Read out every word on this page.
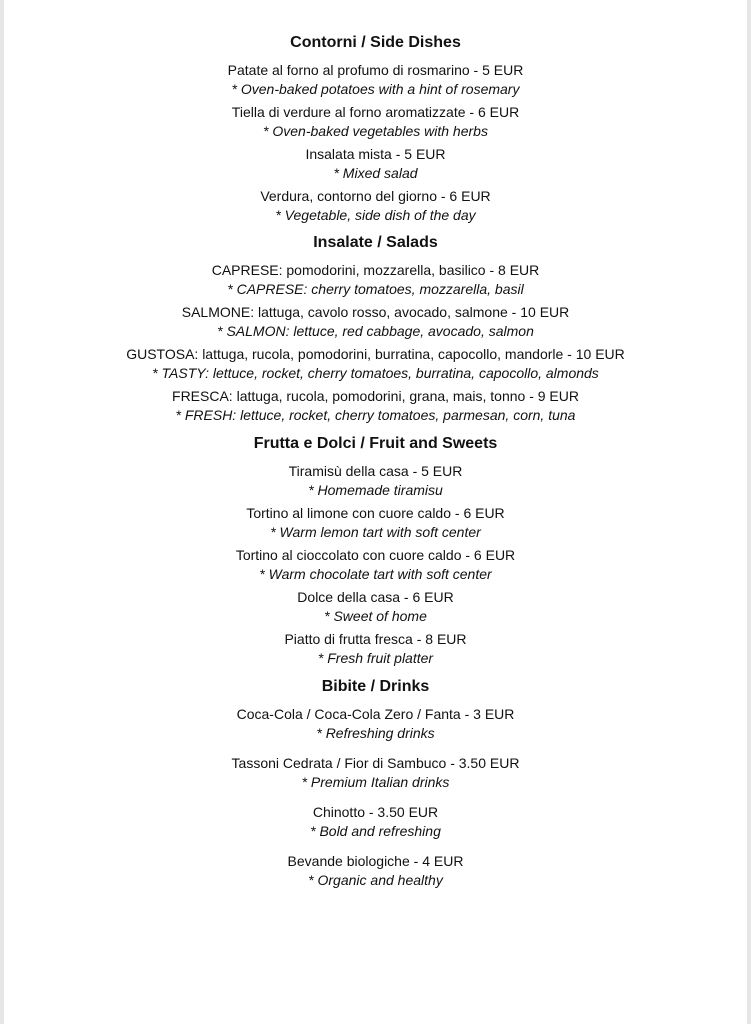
Contorni / Side Dishes
Patate al forno al profumo di rosmarino - 5 EUR
* Oven-baked potatoes with a hint of rosemary
Tiella di verdure al forno aromatizzate - 6 EUR
* Oven-baked vegetables with herbs
Insalata mista - 5 EUR
* Mixed salad
Verdura, contorno del giorno - 6 EUR
* Vegetable, side dish of the day
Insalate / Salads
CAPRESE: pomodorini, mozzarella, basilico - 8 EUR
* CAPRESE: cherry tomatoes, mozzarella, basil
SALMONE: lattuga, cavolo rosso, avocado, salmone - 10 EUR
* SALMON: lettuce, red cabbage, avocado, salmon
GUSTOSA: lattuga, rucola, pomodorini, burratina, capocollo, mandorle - 10 EUR
* TASTY: lettuce, rocket, cherry tomatoes, burratina, capocollo, almonds
FRESCA: lattuga, rucola, pomodorini, grana, mais, tonno - 9 EUR
* FRESH: lettuce, rocket, cherry tomatoes, parmesan, corn, tuna
Frutta e Dolci / Fruit and Sweets
Tiramisù della casa - 5 EUR
* Homemade tiramisu
Tortino al limone con cuore caldo - 6 EUR
* Warm lemon tart with soft center
Tortino al cioccolato con cuore caldo - 6 EUR
* Warm chocolate tart with soft center
Dolce della casa - 6 EUR
* Sweet of home
Piatto di frutta fresca - 8 EUR
* Fresh fruit platter
Bibite / Drinks
Coca-Cola / Coca-Cola Zero / Fanta - 3 EUR
* Refreshing drinks
Tassoni Cedrata / Fior di Sambuco - 3.50 EUR
* Premium Italian drinks
Chinotto - 3.50 EUR
* Bold and refreshing
Bevande biologiche - 4 EUR
* Organic and healthy
